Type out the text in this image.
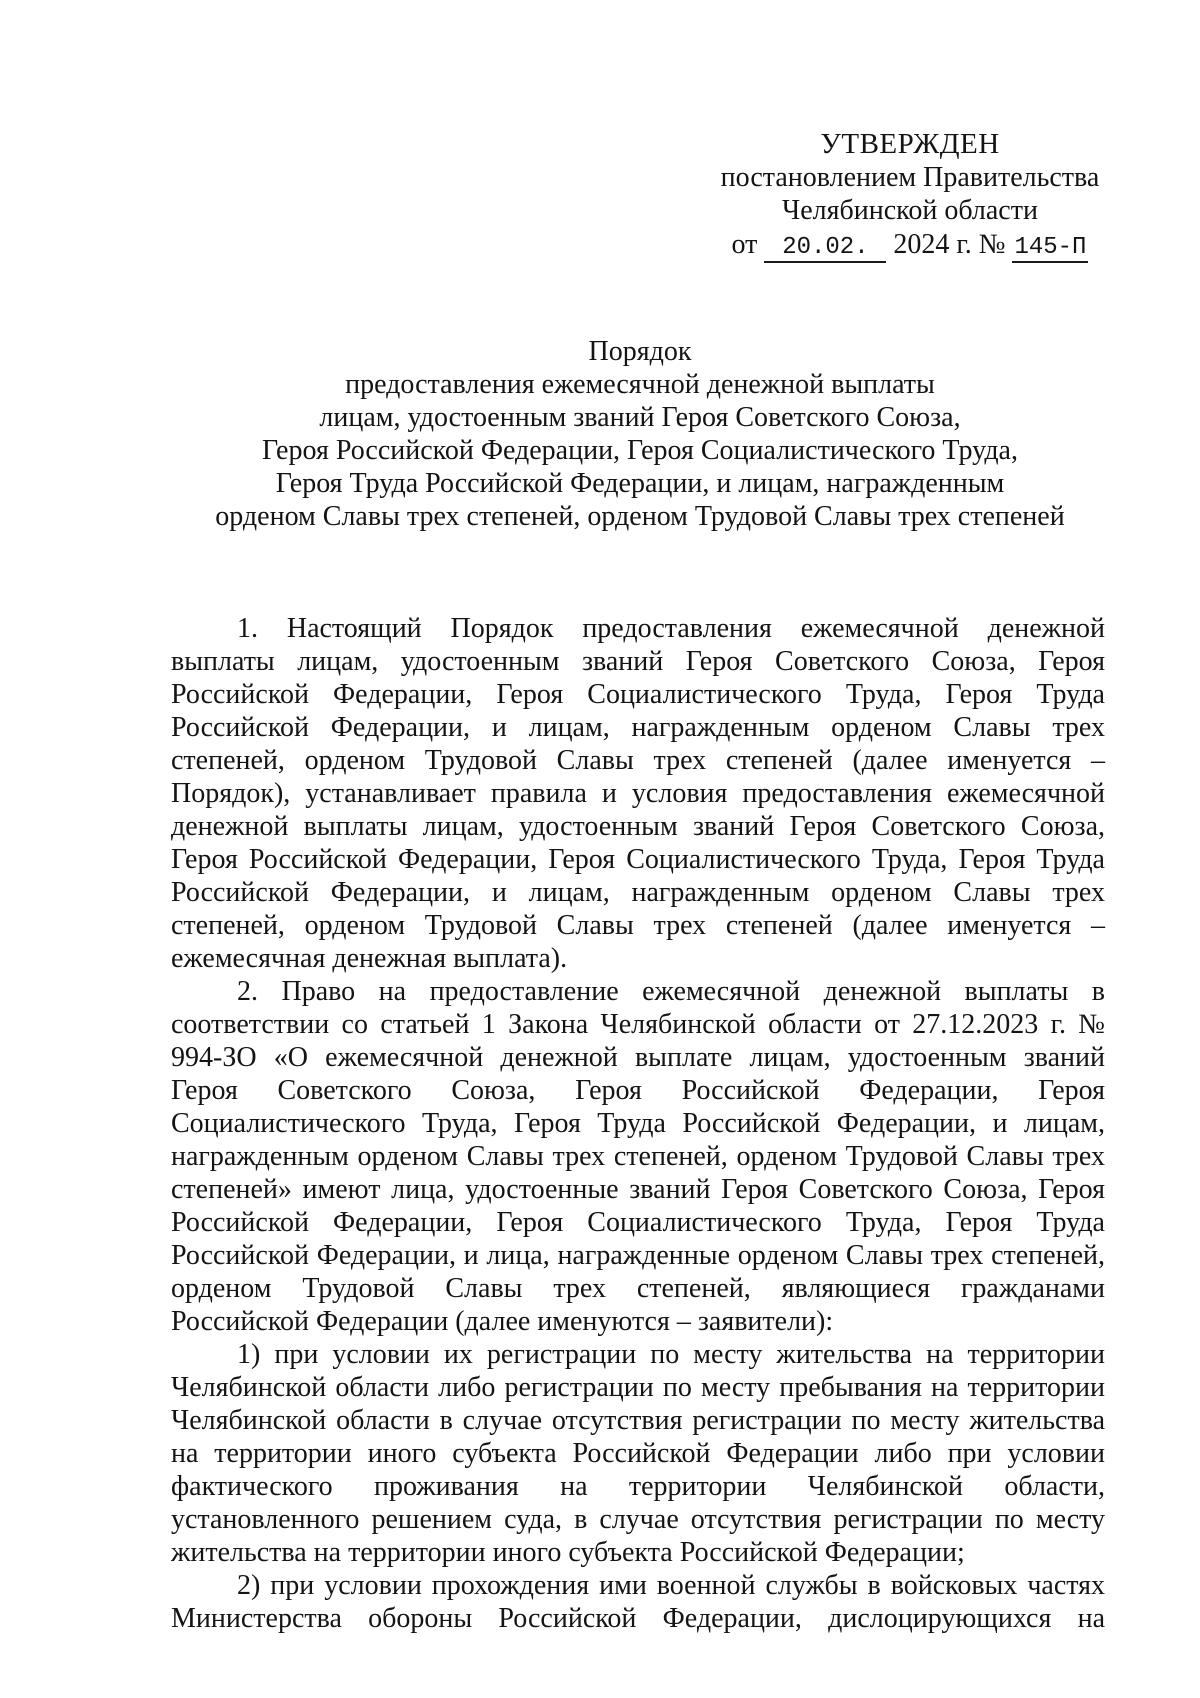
УТВЕРЖДЕН
постановлением Правительства
Челябинской области
от 20.02. 2024 г. № 145-П
Порядок
предоставления ежемесячной денежной выплаты
лицам, удостоенным званий Героя Советского Союза,
Героя Российской Федерации, Героя Социалистического Труда,
Героя Труда Российской Федерации, и лицам, награжденным
орденом Славы трех степеней, орденом Трудовой Славы трех степеней

1. Настоящий Порядок предоставления ежемесячной денежной выплаты лицам, удостоенным званий Героя Советского Союза, Героя Российской Федерации, Героя Социалистического Труда, Героя Труда Российской Федерации, и лицам, награжденным орденом Славы трех степеней, орденом Трудовой Славы трех степеней (далее именуется – Порядок), устанавливает правила и условия предоставления ежемесячной денежной выплаты лицам, удостоенным званий Героя Советского Союза, Героя Российской Федерации, Героя Социалистического Труда, Героя Труда Российской Федерации, и лицам, награжденным орденом Славы трех степеней, орденом Трудовой Славы трех степеней (далее именуется – ежемесячная денежная выплата).

2. Право на предоставление ежемесячной денежной выплаты в соответствии со статьей 1 Закона Челябинской области от 27.12.2023 г. № 994-ЗО «О ежемесячной денежной выплате лицам, удостоенным званий Героя Советского Союза, Героя Российской Федерации, Героя Социалистического Труда, Героя Труда Российской Федерации, и лицам, награжденным орденом Славы трех степеней, орденом Трудовой Славы трех степеней» имеют лица, удостоенные званий Героя Советского Союза, Героя Российской Федерации, Героя Социалистического Труда, Героя Труда Российской Федерации, и лица, награжденные орденом Славы трех степеней, орденом Трудовой Славы трех степеней, являющиеся гражданами Российской Федерации (далее именуются – заявители):

1) при условии их регистрации по месту жительства на территории Челябинской области либо регистрации по месту пребывания на территории Челябинской области в случае отсутствия регистрации по месту жительства на территории иного субъекта Российской Федерации либо при условии фактического проживания на территории Челябинской области, установленного решением суда, в случае отсутствия регистрации по месту жительства на территории иного субъекта Российской Федерации;

2) при условии прохождения ими военной службы в войсковых частях Министерства обороны Российской Федерации, дислоцирующихся на
